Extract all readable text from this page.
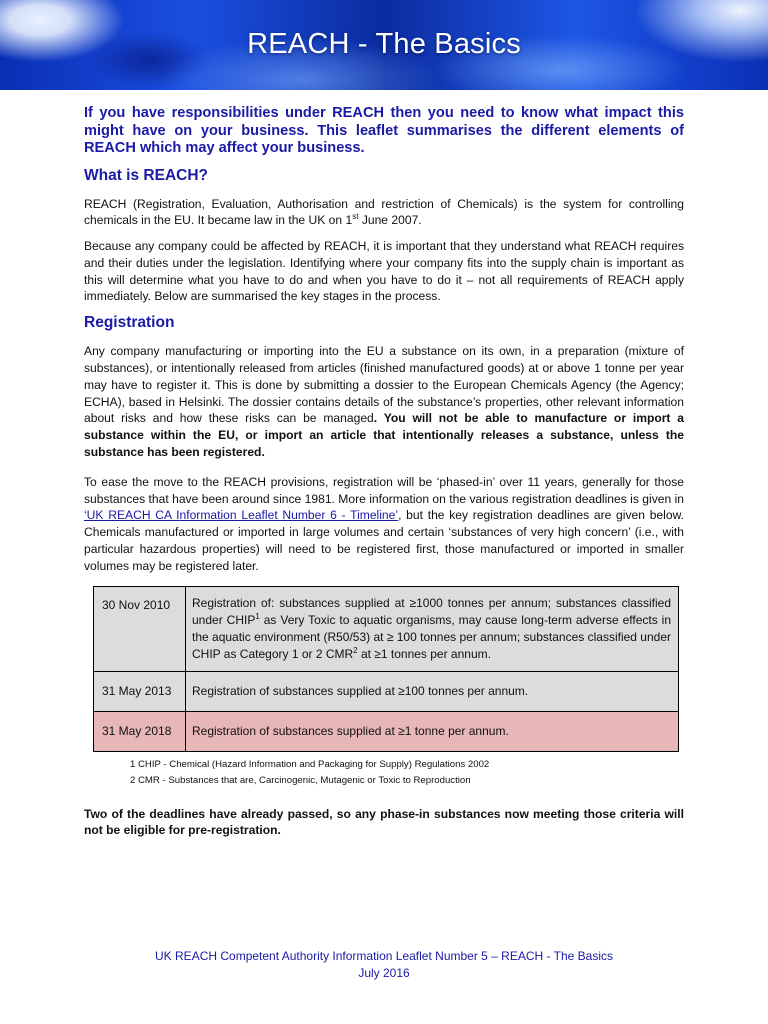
REACH - The Basics

If you have responsibilities under REACH then you need to know what impact this might have on your business. This leaflet summarises the different elements of REACH which may affect your business.

What is REACH?

REACH (Registration, Evaluation, Authorisation and restriction of Chemicals) is the system for controlling chemicals in the EU. It became law in the UK on 1st June 2007.

Because any company could be affected by REACH, it is important that they understand what REACH requires and their duties under the legislation. Identifying where your company fits into the supply chain is important as this will determine what you have to do and when you have to do it – not all requirements of REACH apply immediately. Below are summarised the key stages in the process.

Registration

Any company manufacturing or importing into the EU a substance on its own, in a preparation (mixture of substances), or intentionally released from articles (finished manufactured goods) at or above 1 tonne per year may have to register it. This is done by submitting a dossier to the European Chemicals Agency (the Agency; ECHA), based in Helsinki. The dossier contains details of the substance’s properties, other relevant information about risks and how these risks can be managed. You will not be able to manufacture or import a substance within the EU, or import an article that intentionally releases a substance, unless the substance has been registered.

To ease the move to the REACH provisions, registration will be ‘phased-in’ over 11 years, generally for those substances that have been around since 1981. More information on the various registration deadlines is given in ‘UK REACH CA Information Leaflet Number 6 - Timeline’, but the key registration deadlines are given below. Chemicals manufactured or imported in large volumes and certain ‘substances of very high concern’ (i.e., with particular hazardous properties) will need to be registered first, those manufactured or imported in smaller volumes may be registered later.

30 Nov 2010	Registration of: substances supplied at ≥1000 tonnes per annum; substances classified under CHIP$^1$ as Very Toxic to aquatic organisms, may cause long-term adverse effects in the aquatic environment (R50/53) at ≥ 100 tonnes per annum; substances classified under CHIP as Category 1 or 2 CMR$^2$ at ≥1 tonnes per annum.
31 May 2013	Registration of substances supplied at ≥100 tonnes per annum.
31 May 2018	Registration of substances supplied at ≥1 tonne per annum.
1 CHIP - Chemical (Hazard Information and Packaging for Supply) Regulations 2002
2 CMR - Substances that are, Carcinogenic, Mutagenic or Toxic to Reproduction

Two of the deadlines have already passed, so any phase-in substances now meeting those criteria will not be eligible for pre-registration.

UK REACH Competent Authority Information Leaflet Number 5 – REACH - The Basics
July 2016
